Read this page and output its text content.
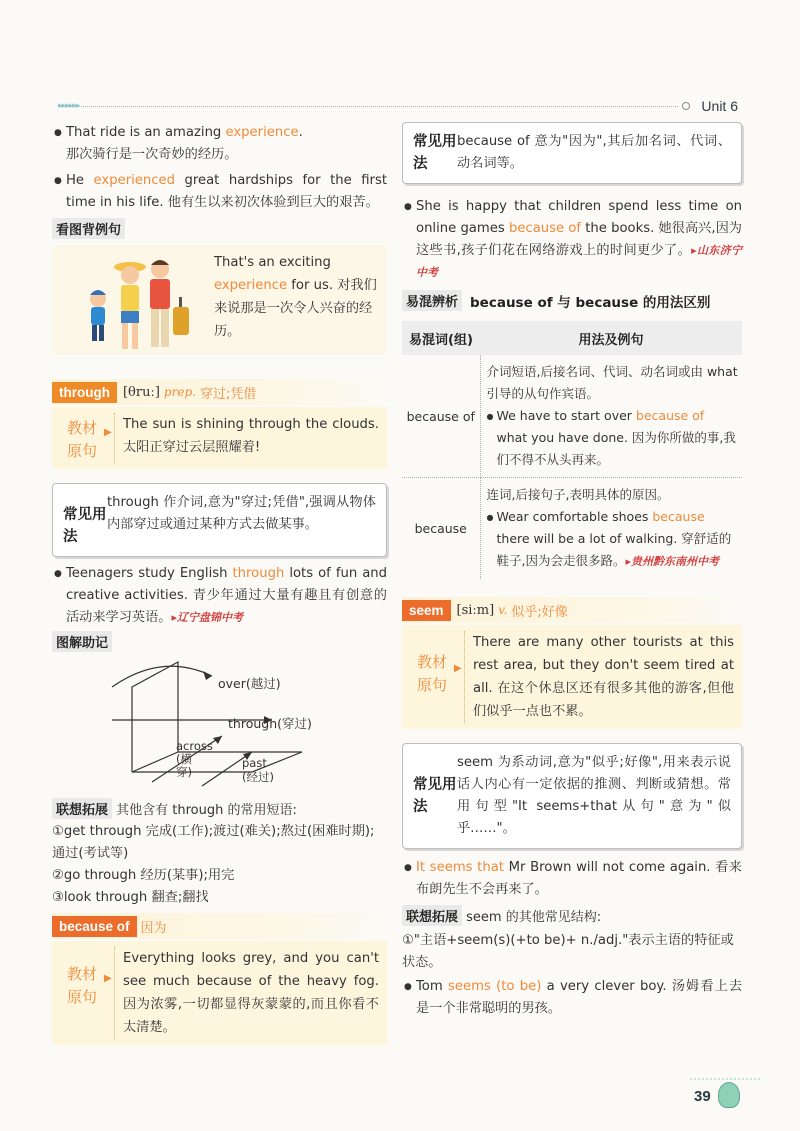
▸▸▸▸▸▸	Unit 6

● That ride is an amazing experience.
那次骑行是一次奇妙的经历。

● He experienced great hardships for the first time in his life. 他有生以来初次体验到巨大的艰苦。

看图背例句

That's an exciting experience for us. 对我们来说那是一次令人兴奋的经历。

through	[θruː] prep. 穿过;凭借
教材原句
▶

The sun is shining through the clouds. 太阳正穿过云层照耀着!

常见用法

through 作介词,意为"穿过;凭借",强调从物体内部穿过或通过某种方式去做某事。

● Teenagers study English through lots of fun and creative activities. 青少年通过大量有趣且有创意的活动来学习英语。▸辽宁盘锦中考

图解助记
over(越过)
through(穿过)
across
(横
穿)
past
(经过)
联想拓展 其他含有 through 的常用短语:

①get through 完成(工作);渡过(难关);熬过(困难时期);通过(考试等)

②go through 经历(某事);用完

③look through 翻查;翻找

because of 因为
教材原句
▶

Everything looks grey, and you can't see much because of the heavy fog. 因为浓雾,一切都显得灰蒙蒙的,而且你看不太清楚。

常见用法

because of 意为"因为",其后加名词、代词、动名词等。

● She is happy that children spend less time on online games because of the books. 她很高兴,因为这些书,孩子们花在网络游戏上的时间更少了。▸山东济宁中考

易混辨析 because of 与 because 的用法区别
易混词(组)	用法及例句
because of	介词短语,后接名词、代词、动名词或由 what 引导的从句作宾语。
● We have to start over because of what you have done. 因为你所做的事,我们不得不从头再来。

because	连词,后接句子,表明具体的原因。
● Wear comfortable shoes because there will be a lot of walking. 穿舒适的鞋子,因为会走很多路。▸贵州黔东南州中考
seem	[siːm] v. 似乎;好像
教材原句
▶

There are many other tourists at this rest area, but they don't seem tired at all. 在这个休息区还有很多其他的游客,但他们似乎一点也不累。

常见用法

seem 为系动词,意为"似乎;好像",用来表示说话人内心有一定依据的推测、判断或猜想。常用句型"It seems+that从句"意为"似乎……"。

● It seems that Mr Brown will not come again. 看来布朗先生不会再来了。

联想拓展 seem 的其他常见结构:

①"主语+seem(s)(+to be)+ n./adj."表示主语的特征或状态。

● Tom seems (to be) a very clever boy. 汤姆看上去是一个非常聪明的男孩。

39
